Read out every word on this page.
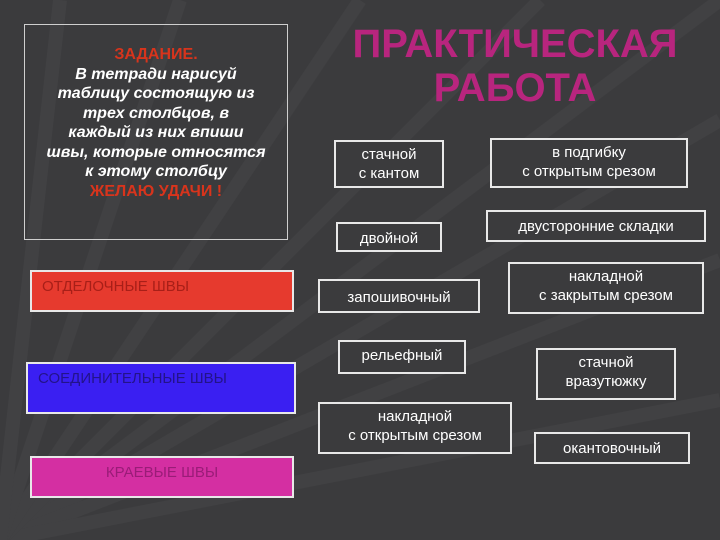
ЗАДАНИЕ.
В тетради нарисуй
таблицу состоящую из
трех столбцов, в
каждый из них впиши
швы, которые относятся
к этому столбцу
ЖЕЛАЮ УДАЧИ !
ПРАКТИЧЕСКАЯ
РАБОТА
ОТДЕЛОЧНЫЕ ШВЫ
СОЕДИНИТЕЛЬНЫЕ ШВЫ
КРАЕВЫЕ ШВЫ
стачной
с кантом
в подгибку
с открытым срезом
двойной
двусторонние складки
запошивочный
накладной
с закрытым срезом
рельефный	стачной
вразутюжку
накладной
с открытым срезом
окантовочный
